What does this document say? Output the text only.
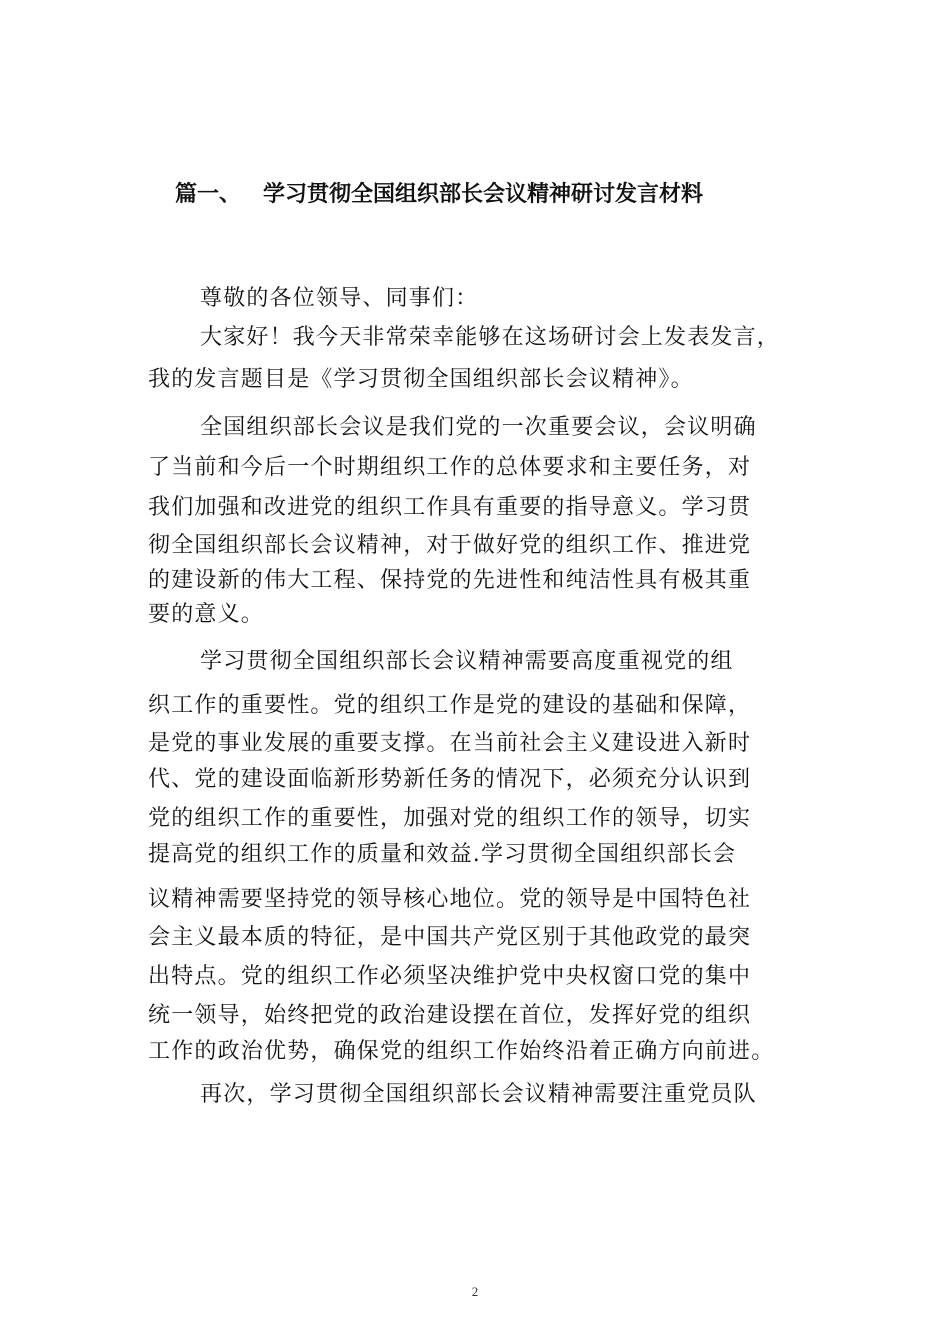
篇一、 学习贯彻全国组织部长会议精神研讨发言材料
尊敬的各位领导、同事们：
大家好！我今天非常荣幸能够在这场研讨会上发表发言，
我的发言题目是《学习贯彻全国组织部长会议精神》。
全国组织部长会议是我们党的一次重要会议，会议明确
了当前和今后一个时期组织工作的总体要求和主要任务，对
我们加强和改进党的组织工作具有重要的指导意义。学习贯
彻全国组织部长会议精神，对于做好党的组织工作、推进党
的建设新的伟大工程、保持党的先进性和纯洁性具有极其重
要的意义。
学习贯彻全国组织部长会议精神需要高度重视党的组
织工作的重要性。党的组织工作是党的建设的基础和保障，
是党的事业发展的重要支撑。在当前社会主义建设进入新时
代、党的建设面临新形势新任务的情况下，必须充分认识到
党的组织工作的重要性，加强对党的组织工作的领导，切实
提高党的组织工作的质量和效益.学习贯彻全国组织部长会
议精神需要坚持党的领导核心地位。党的领导是中国特色社
会主义最本质的特征，是中国共产党区别于其他政党的最突
出特点。党的组织工作必须坚决维护党中央权窗口党的集中
统一领导，始终把党的政治建设摆在首位，发挥好党的组织
工作的政治优势，确保党的组织工作始终沿着正确方向前进。
再次，学习贯彻全国组织部长会议精神需要注重党员队
2
